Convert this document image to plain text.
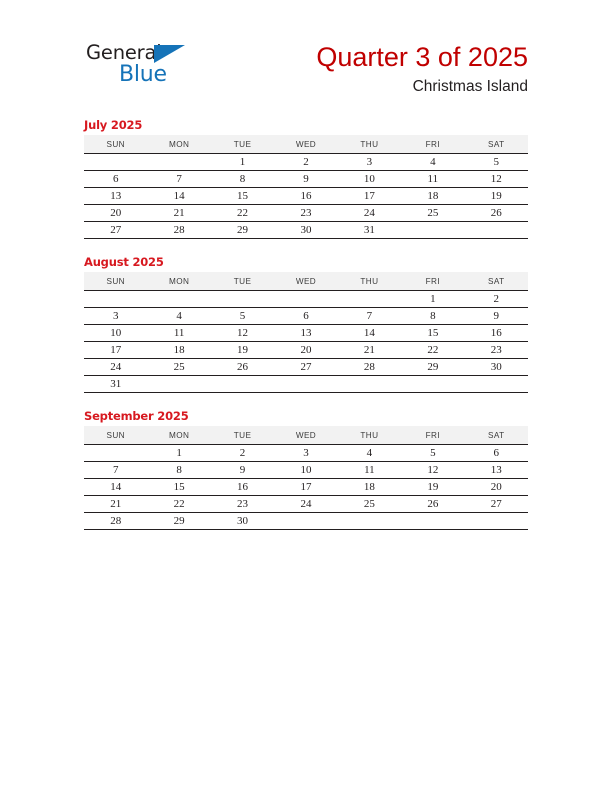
General
Blue
Quarter 3 of 2025
Christmas Island
July 2025
SUN	MON	TUE	WED	THU	FRI	SAT
		1	2	3	4	5
6	7	8	9	10	11	12
13	14	15	16	17	18	19
20	21	22	23	24	25	26
27	28	29	30	31		
August 2025
SUN	MON	TUE	WED	THU	FRI	SAT
					1	2
3	4	5	6	7	8	9
10	11	12	13	14	15	16
17	18	19	20	21	22	23
24	25	26	27	28	29	30
31						
September 2025
SUN	MON	TUE	WED	THU	FRI	SAT
	1	2	3	4	5	6
7	8	9	10	11	12	13
14	15	16	17	18	19	20
21	22	23	24	25	26	27
28	29	30				
